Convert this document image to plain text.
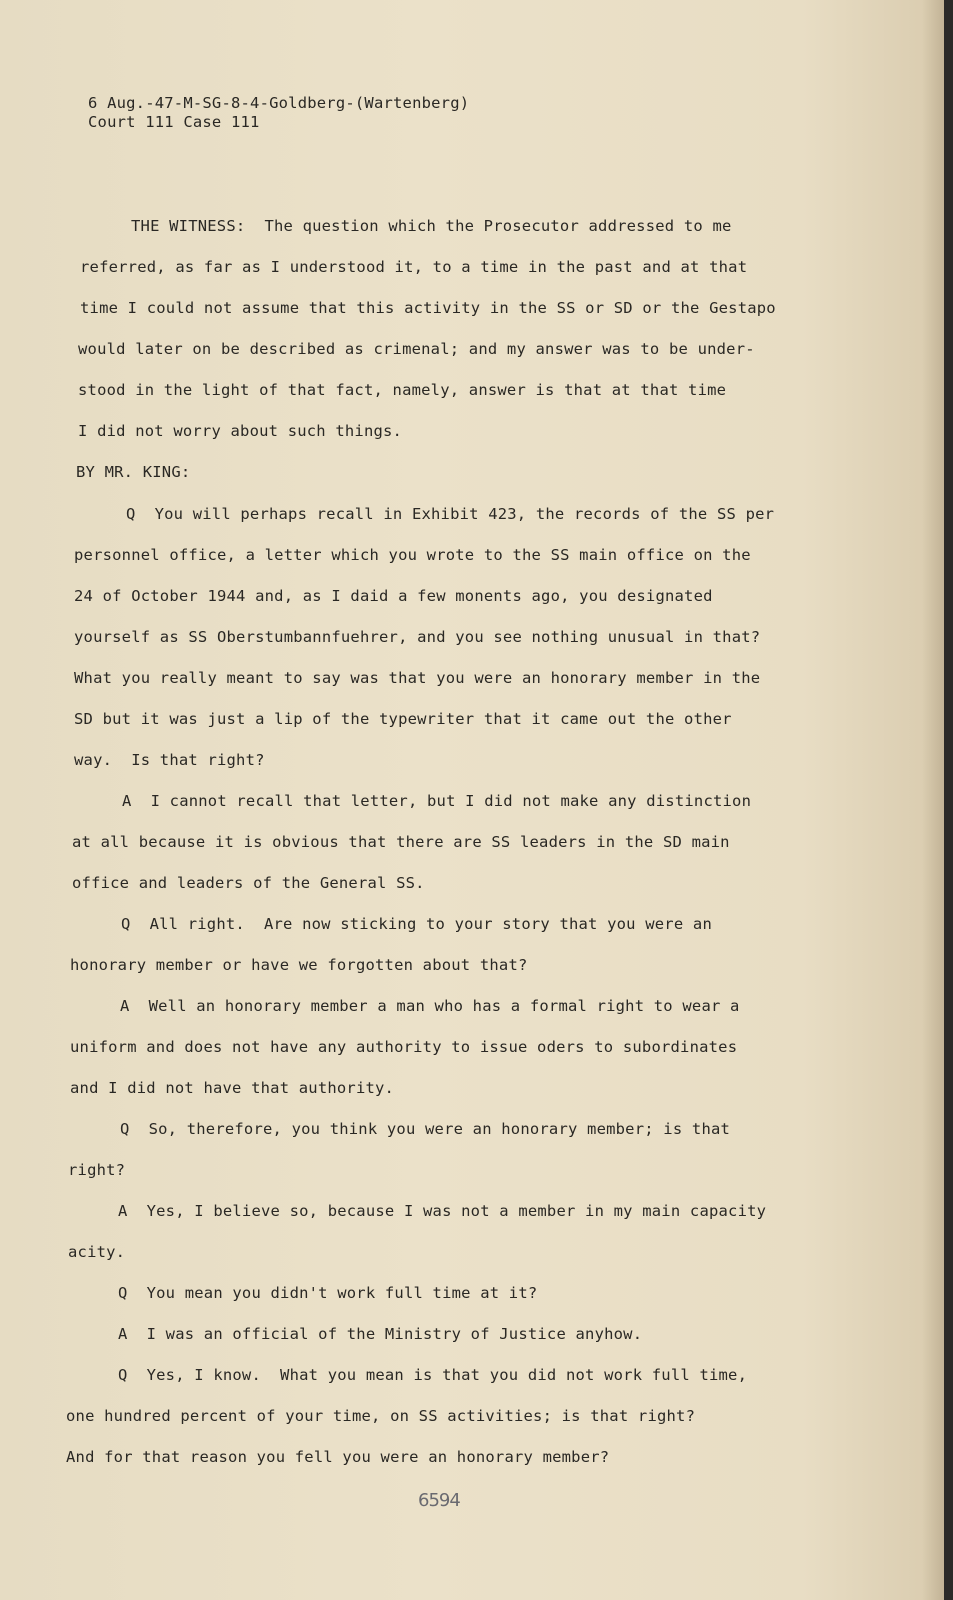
6 Aug.-47-M-SG-8-4-Goldberg-(Wartenberg)
Court 111 Case 111
THE WITNESS:  The question which the Prosecutor addressed to me
referred, as far as I understood it, to a time in the past and at that
time I could not assume that this activity in the SS or SD or the Gestapo
would later on be described as crimenal; and my answer was to be under-
stood in the light of that fact, namely, answer is that at that time
I did not worry about such things.
BY MR. KING:
Q  You will perhaps recall in Exhibit 423, the records of the SS per
personnel office, a letter which you wrote to the SS main office on the
24 of October 1944 and, as I daid a few monents ago, you designated
yourself as SS Oberstumbannfuehrer, and you see nothing unusual in that?
What you really meant to say was that you were an honorary member in the
SD but it was just a lip of the typewriter that it came out the other
way.  Is that right?
A  I cannot recall that letter, but I did not make any distinction
at all because it is obvious that there are SS leaders in the SD main
office and leaders of the General SS.
Q  All right.  Are now sticking to your story that you were an
honorary member or have we forgotten about that?
A  Well an honorary member a man who has a formal right to wear a
uniform and does not have any authority to issue oders to subordinates
and I did not have that authority.
Q  So, therefore, you think you were an honorary member; is that
right?
A  Yes, I believe so, because I was not a member in my main capacity
acity.
Q  You mean you didn't work full time at it?
A  I was an official of the Ministry of Justice anyhow.
Q  Yes, I know.  What you mean is that you did not work full time,
one hundred percent of your time, on SS activities; is that right?
And for that reason you fell you were an honorary member?
6594
